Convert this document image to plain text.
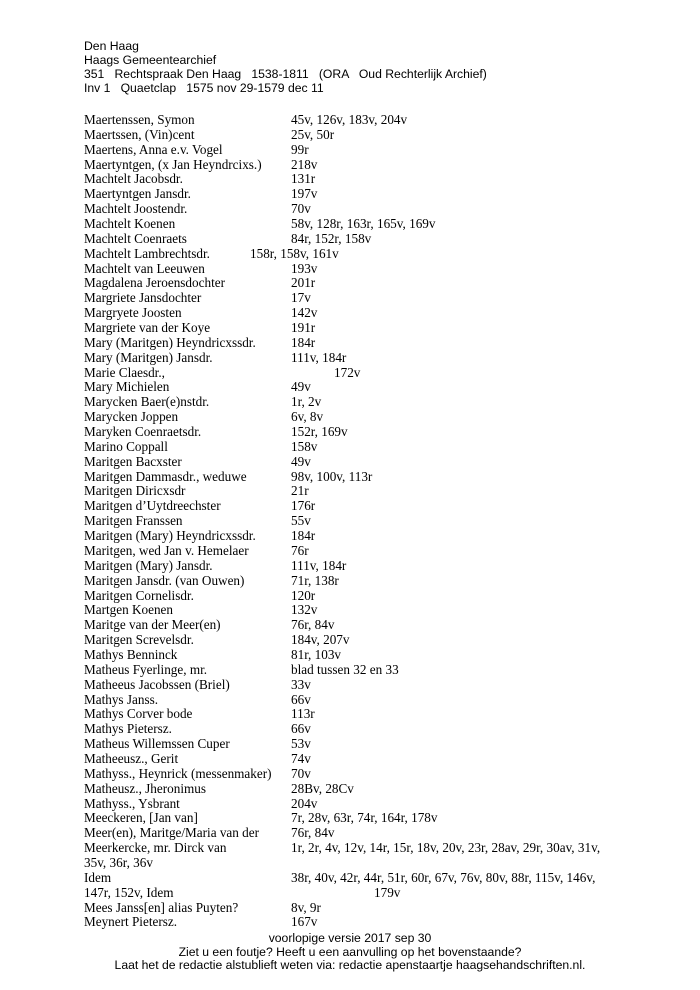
Den Haag
Haags Gemeentearchief
351   Rechtspraak Den Haag   1538-1811   (ORA   Oud Rechterlijk Archief)
Inv 1   Quaetclap   1575 nov 29-1579 dec 11
Maertenssen, Symon	45v, 126v, 183v, 204v
Maertssen, (Vin)cent	25v, 50r
Maertens, Anna e.v. Vogel	99r
Maertyntgen, (x Jan Heyndrcixs.) 218v
Machtelt Jacobsdr.	131r
Maertyntgen Jansdr.	197v
Machtelt Joostendr.	70v
Machtelt Koenen	58v, 128r, 163r, 165v, 169v
Machtelt Coenraets	84r, 152r, 158v
Machtelt Lambrechtsdr.	158r, 158v, 161v
Machtelt van Leeuwen	193v
Magdalena Jeroensdochter	201r
Margriete Jansdochter	17v
Margryete Joosten	142v
Margriete van der Koye	191r
Mary (Maritgen) Heyndricxssdr.	184r
Mary (Maritgen) Jansdr.	111v, 184r
Marie Claesdr.,	172v
Mary Michielen	49v
Marycken Baer(e)nstdr.	1r, 2v
Marycken Joppen	6v, 8v
Maryken Coenraetsdr.	152r, 169v
Marino Coppall	158v
Maritgen Bacxster	49v
Maritgen Dammasdr., weduwe	98v, 100v, 113r
Maritgen Diricxsdr	21r
Maritgen d’Uytdreechster	176r
Maritgen Franssen	55v
Maritgen (Mary) Heyndricxssdr.	184r
Maritgen, wed Jan v. Hemelaer	76r
Maritgen (Mary) Jansdr.	111v, 184r
Maritgen Jansdr. (van Ouwen)	71r, 138r
Maritgen Cornelisdr.	120r
Martgen Koenen	132v
Maritge van der Meer(en)	76r, 84v
Maritgen Screvelsdr.	184v, 207v
Mathys Benninck	81r, 103v
Matheus Fyerlinge, mr.	blad tussen 32 en 33
Matheeus Jacobssen (Briel)	33v
Mathys Janss.	66v
Mathys Corver bode	113r
Mathys Pietersz.	66v
Matheus Willemssen Cuper	53v
Matheeusz., Gerit	74v
Mathyss., Heynrick (messenmaker) 70v
Matheusz., Jheronimus	28Bv, 28Cv
Mathyss., Ysbrant	204v
Meeckeren, [Jan van]	7r, 28v, 63r, 74r, 164r, 178v
Meer(en), Maritge/Maria van der 76r, 84v
Meerkercke, mr. Dirck van	1r, 2r, 4v, 12v, 14r, 15r, 18v, 20v, 23r, 28av, 29r, 30av, 31v,
35v, 36r, 36v
Idem	38r, 40v, 42r, 44r, 51r, 60r, 67v, 76v, 80v, 88r, 115v, 146v,
147r, 152v, Idem	179v
Mees Janss[en] alias Puyten?	8v, 9r
Meynert Pietersz.	167v
voorlopige versie 2017 sep 30
Ziet u een foutje? Heeft u een aanvulling op het bovenstaande?
Laat het de redactie alstublieft weten via: redactie apenstaartje haagsehandschriften.nl.
